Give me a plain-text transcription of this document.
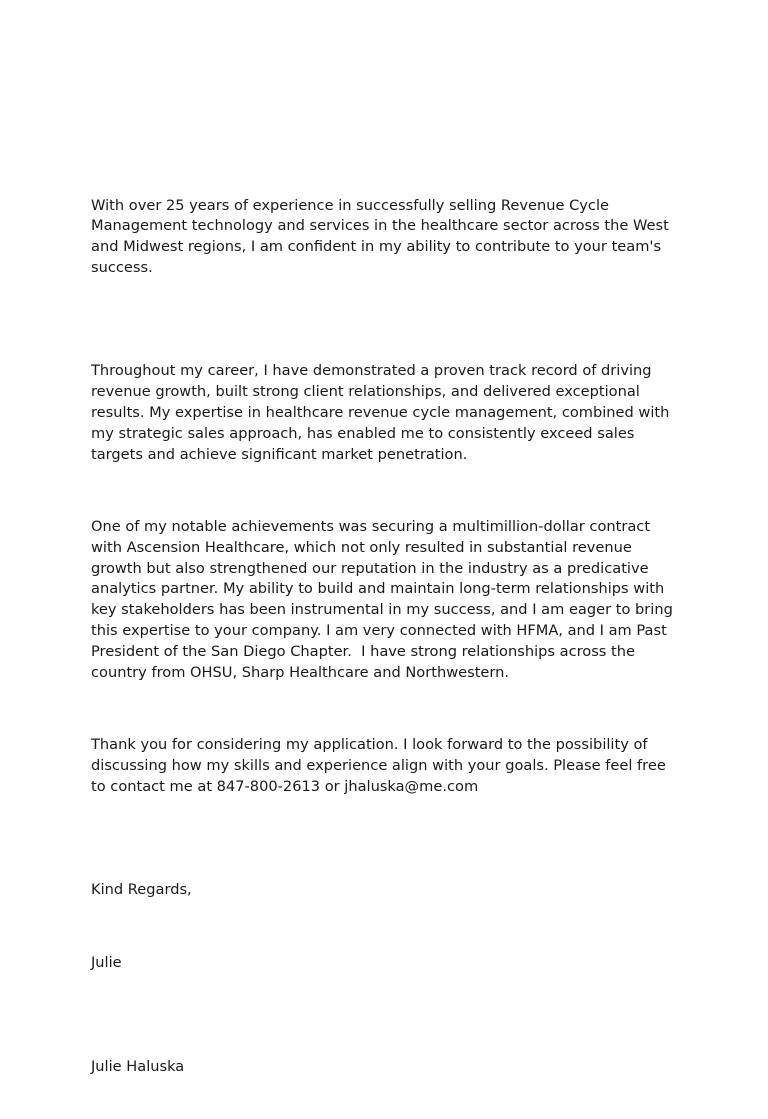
With over 25 years of experience in successfully selling Revenue Cycle Management technology and services in the healthcare sector across the West and Midwest regions, I am confident in my ability to contribute to your team's success.

Throughout my career, I have demonstrated a proven track record of driving revenue growth, built strong client relationships, and delivered exceptional results. My expertise in healthcare revenue cycle management, combined with my strategic sales approach, has enabled me to consistently exceed sales targets and achieve significant market penetration.

One of my notable achievements was securing a multimillion-dollar contract with Ascension Healthcare, which not only resulted in substantial revenue growth but also strengthened our reputation in the industry as a predicative analytics partner. My ability to build and maintain long-term relationships with key stakeholders has been instrumental in my success, and I am eager to bring this expertise to your company. I am very connected with HFMA, and I am Past President of the San Diego Chapter.  I have strong relationships across the country from OHSU, Sharp Healthcare and Northwestern.

Thank you for considering my application. I look forward to the possibility of discussing how my skills and experience align with your goals. Please feel free to contact me at 847-800-2613 or jhaluska@me.com

Kind Regards,

Julie

Julie Haluska
